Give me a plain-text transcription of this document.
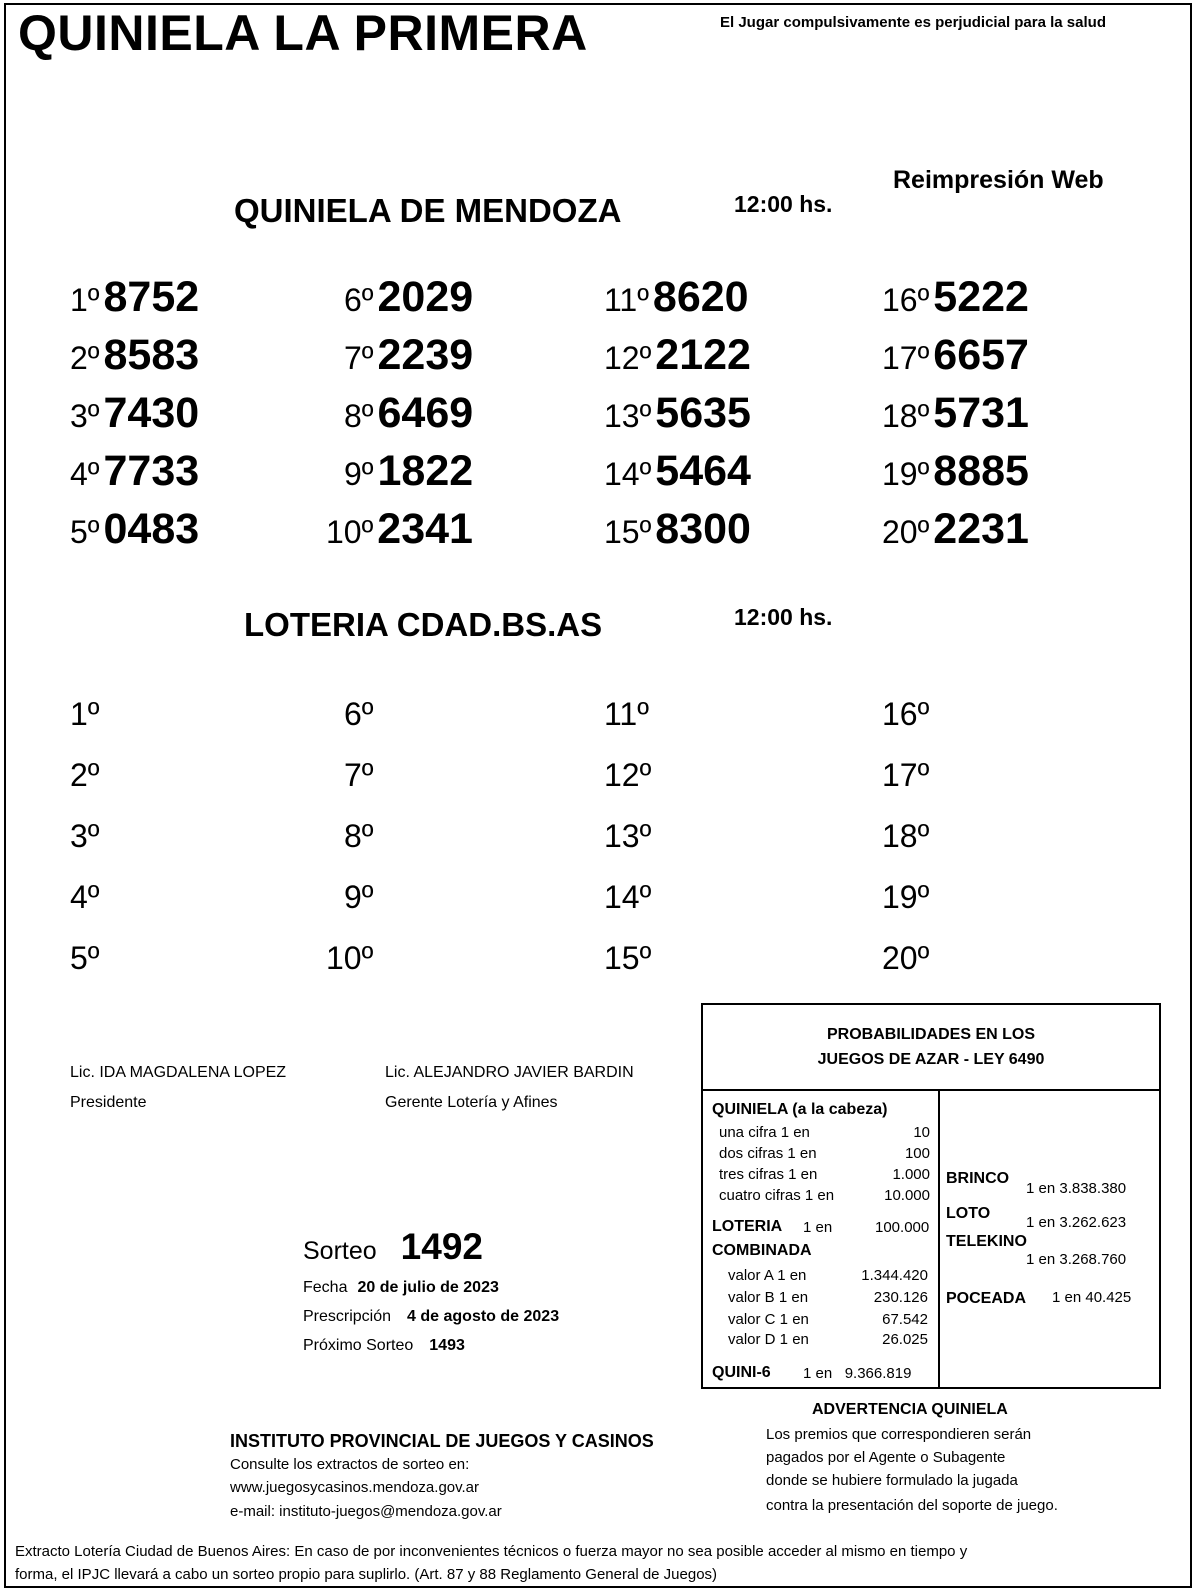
QUINIELA LA PRIMERA	El Jugar compulsivamente es perjudicial para la salud
Reimpresión Web
QUINIELA DE MENDOZA	12:00 hs.
1º8752
2º8583
3º7430
4º7733
5º0483
6º2029
7º2239
8º6469
9º1822
10º2341
11º8620
12º2122
13º5635
14º5464
15º8300
16º5222
17º6657
18º5731
19º8885
20º2231
LOTERIA CDAD.BS.AS	12:00 hs.
1º
2º
3º
4º
5º
6º
7º
8º
9º
10º
11º
12º
13º
14º
15º
16º
17º
18º
19º
20º
Lic. IDA MAGDALENA LOPEZ
Presidente
Lic. ALEJANDRO JAVIER BARDIN
Gerente Lotería y Afines
Sorteo 1492
Fecha 20 de julio de 2023
Prescripción 4 de agosto de 2023
Próximo Sorteo 1493
PROBABILIDADES EN LOS
JUEGOS DE AZAR - LEY 6490
QUINIELA (a la cabeza)
una cifra 1 en	10
dos cifras 1 en	100
tres cifras 1 en	1.000
cuatro cifras 1 en	10.000
LOTERIA 1 en	100.000
COMBINADA
valor A 1 en	1.344.420
valor B 1 en	230.126
valor C 1 en	67.542
valor D 1 en	26.025
QUINI-6 1 en   9.366.819
BRINCO
1 en 3.838.380
LOTO
1 en 3.262.623
TELEKINO
1 en 3.268.760
POCEADA 1 en 40.425
ADVERTENCIA QUINIELA
Los premios que correspondieren serán
pagados por el Agente o Subagente
donde se hubiere formulado la jugada
contra la presentación del soporte de juego.
INSTITUTO PROVINCIAL DE JUEGOS Y CASINOS
Consulte los extractos de sorteo en:
www.juegosycasinos.mendoza.gov.ar
e-mail: instituto-juegos@mendoza.gov.ar
Extracto Lotería Ciudad de Buenos Aires: En caso de por inconvenientes técnicos o fuerza mayor no sea posible acceder al mismo en tiempo y
forma, el IPJC llevará a cabo un sorteo propio para suplirlo. (Art. 87 y 88 Reglamento General de Juegos)
